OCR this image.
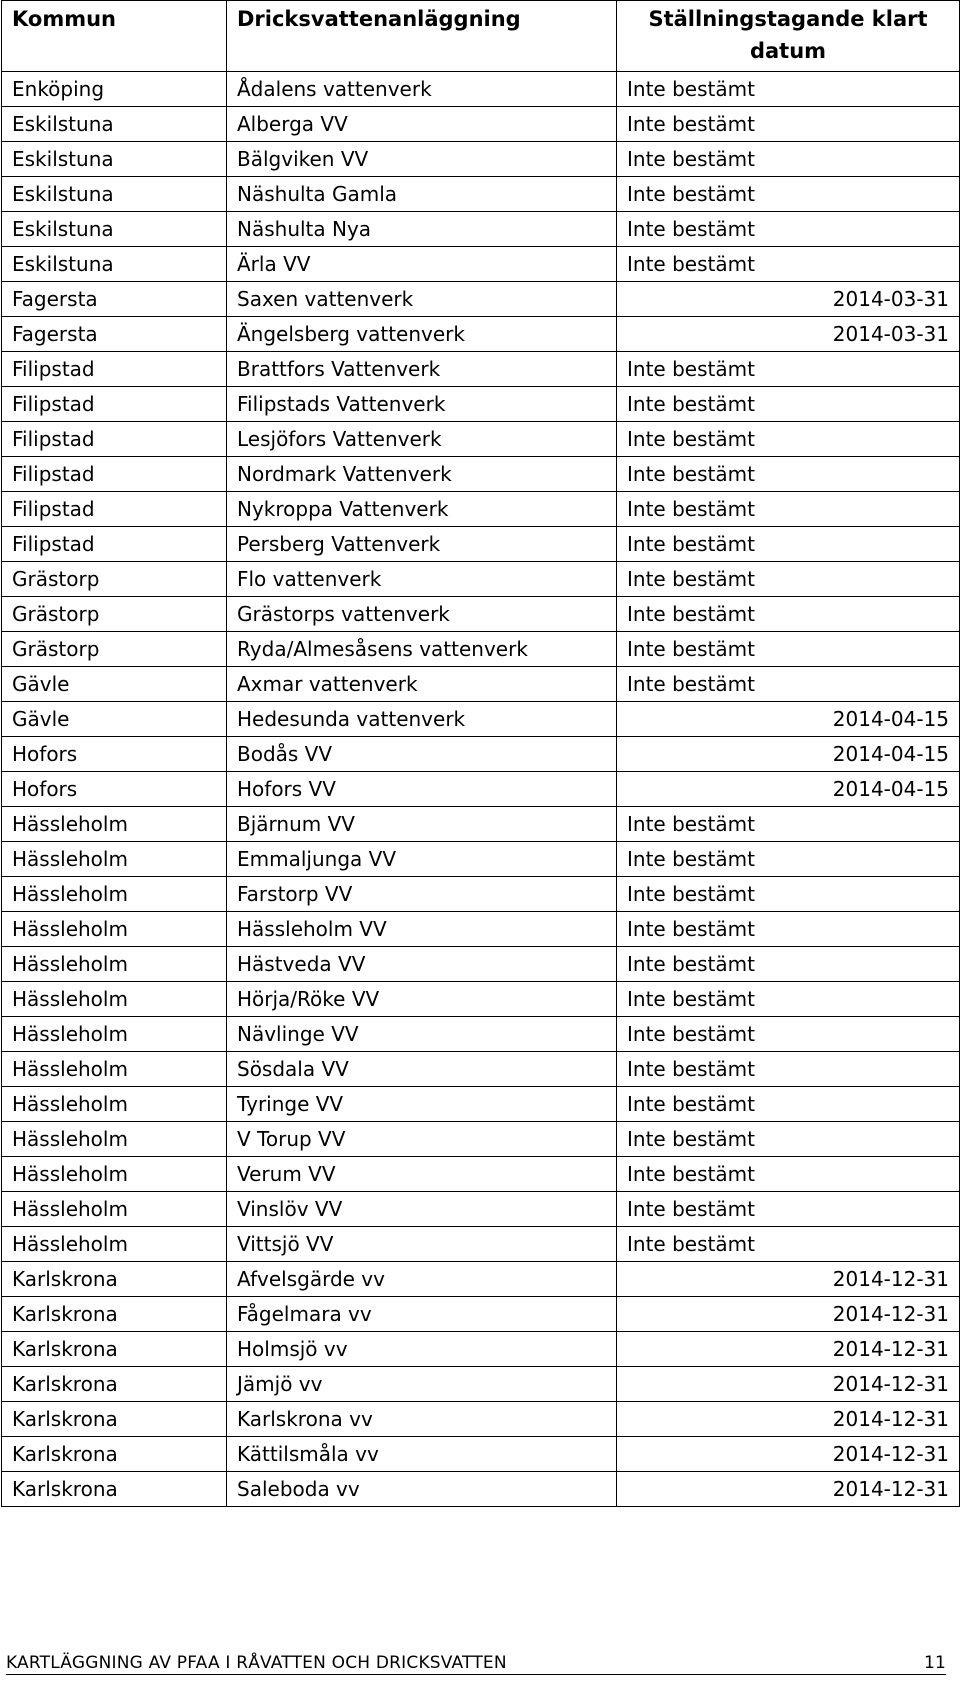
Kommun	Dricksvattenanläggning	Ställningstagande klart datum
Enköping	Ådalens vattenverk	Inte bestämt
Eskilstuna	Alberga VV	Inte bestämt
Eskilstuna	Bälgviken VV	Inte bestämt
Eskilstuna	Näshulta Gamla	Inte bestämt
Eskilstuna	Näshulta Nya	Inte bestämt
Eskilstuna	Ärla VV	Inte bestämt
Fagersta	Saxen vattenverk	2014-03-31
Fagersta	Ängelsberg vattenverk	2014-03-31
Filipstad	Brattfors Vattenverk	Inte bestämt
Filipstad	Filipstads Vattenverk	Inte bestämt
Filipstad	Lesjöfors Vattenverk	Inte bestämt
Filipstad	Nordmark Vattenverk	Inte bestämt
Filipstad	Nykroppa Vattenverk	Inte bestämt
Filipstad	Persberg Vattenverk	Inte bestämt
Grästorp	Flo vattenverk	Inte bestämt
Grästorp	Grästorps vattenverk	Inte bestämt
Grästorp	Ryda/Almesåsens vattenverk	Inte bestämt
Gävle	Axmar vattenverk	Inte bestämt
Gävle	Hedesunda vattenverk	2014-04-15
Hofors	Bodås VV	2014-04-15
Hofors	Hofors VV	2014-04-15
Hässleholm	Bjärnum VV	Inte bestämt
Hässleholm	Emmaljunga VV	Inte bestämt
Hässleholm	Farstorp VV	Inte bestämt
Hässleholm	Hässleholm VV	Inte bestämt
Hässleholm	Hästveda VV	Inte bestämt
Hässleholm	Hörja/Röke VV	Inte bestämt
Hässleholm	Nävlinge VV	Inte bestämt
Hässleholm	Sösdala VV	Inte bestämt
Hässleholm	Tyringe VV	Inte bestämt
Hässleholm	V Torup VV	Inte bestämt
Hässleholm	Verum VV	Inte bestämt
Hässleholm	Vinslöv VV	Inte bestämt
Hässleholm	Vittsjö VV	Inte bestämt
Karlskrona	Afvelsgärde vv	2014-12-31
Karlskrona	Fågelmara vv	2014-12-31
Karlskrona	Holmsjö vv	2014-12-31
Karlskrona	Jämjö vv	2014-12-31
Karlskrona	Karlskrona vv	2014-12-31
Karlskrona	Kättilsmåla vv	2014-12-31
Karlskrona	Saleboda vv	2014-12-31
KARTLÄGGNING AV PFAA I RÅVATTEN OCH DRICKSVATTEN	11
